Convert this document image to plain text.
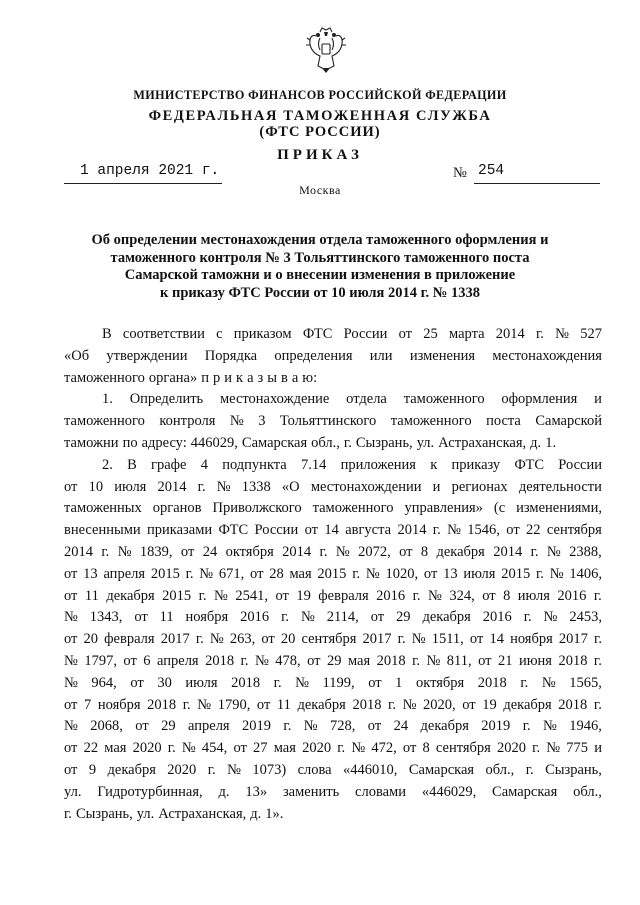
МИНИСТЕРСТВО ФИНАНСОВ РОССИЙСКОЙ ФЕДЕРАЦИИ
ФЕДЕРАЛЬНАЯ ТАМОЖЕННАЯ СЛУЖБА
(ФТС РОССИИ)
ПРИКАЗ
1 апреля 2021 г.	№ 254
Москва
Об определении местонахождения отдела таможенного оформления и
таможенного контроля № 3 Тольяттинского таможенного поста
Самарской таможни и о внесении изменения в приложение
к приказу ФТС России от 10 июля 2014 г. № 1338
В соответствии с приказом ФТС России от 25 марта 2014 г. № 527
«Об утверждении Порядка определения или изменения местонахождения
таможенного органа» п р и к а з ы в а ю:
1. Определить местонахождение отдела таможенного оформления и
таможенного контроля № 3 Тольяттинского таможенного поста Самарской
таможни по адресу: 446029, Самарская обл., г. Сызрань, ул. Астраханская, д. 1.
2. В графе 4 подпункта 7.14 приложения к приказу ФТС России
от 10 июля 2014 г. № 1338 «О местонахождении и регионах деятельности
таможенных органов Приволжского таможенного управления» (с изменениями,
внесенными приказами ФТС России от 14 августа 2014 г. № 1546, от 22 сентября
2014 г. № 1839, от 24 октября 2014 г. № 2072, от 8 декабря 2014 г. № 2388,
от 13 апреля 2015 г. № 671, от 28 мая 2015 г. № 1020, от 13 июля 2015 г. № 1406,
от 11 декабря 2015 г. № 2541, от 19 февраля 2016 г. № 324, от 8 июля 2016 г.
№ 1343, от 11 ноября 2016 г. № 2114, от 29 декабря 2016 г. № 2453,
от 20 февраля 2017 г. № 263, от 20 сентября 2017 г. № 1511, от 14 ноября 2017 г.
№ 1797, от 6 апреля 2018 г. № 478, от 29 мая 2018 г. № 811, от 21 июня 2018 г.
№ 964, от 30 июля 2018 г. № 1199, от 1 октября 2018 г. № 1565,
от 7 ноября 2018 г. № 1790, от 11 декабря 2018 г. № 2020, от 19 декабря 2018 г.
№ 2068, от 29 апреля 2019 г. № 728, от 24 декабря 2019 г. № 1946,
от 22 мая 2020 г. № 454, от 27 мая 2020 г. № 472, от 8 сентября 2020 г. № 775 и
от 9 декабря 2020 г. № 1073) слова «446010, Самарская обл., г. Сызрань,
ул. Гидротурбинная, д. 13» заменить словами «446029, Самарская обл.,
г. Сызрань, ул. Астраханская, д. 1».
